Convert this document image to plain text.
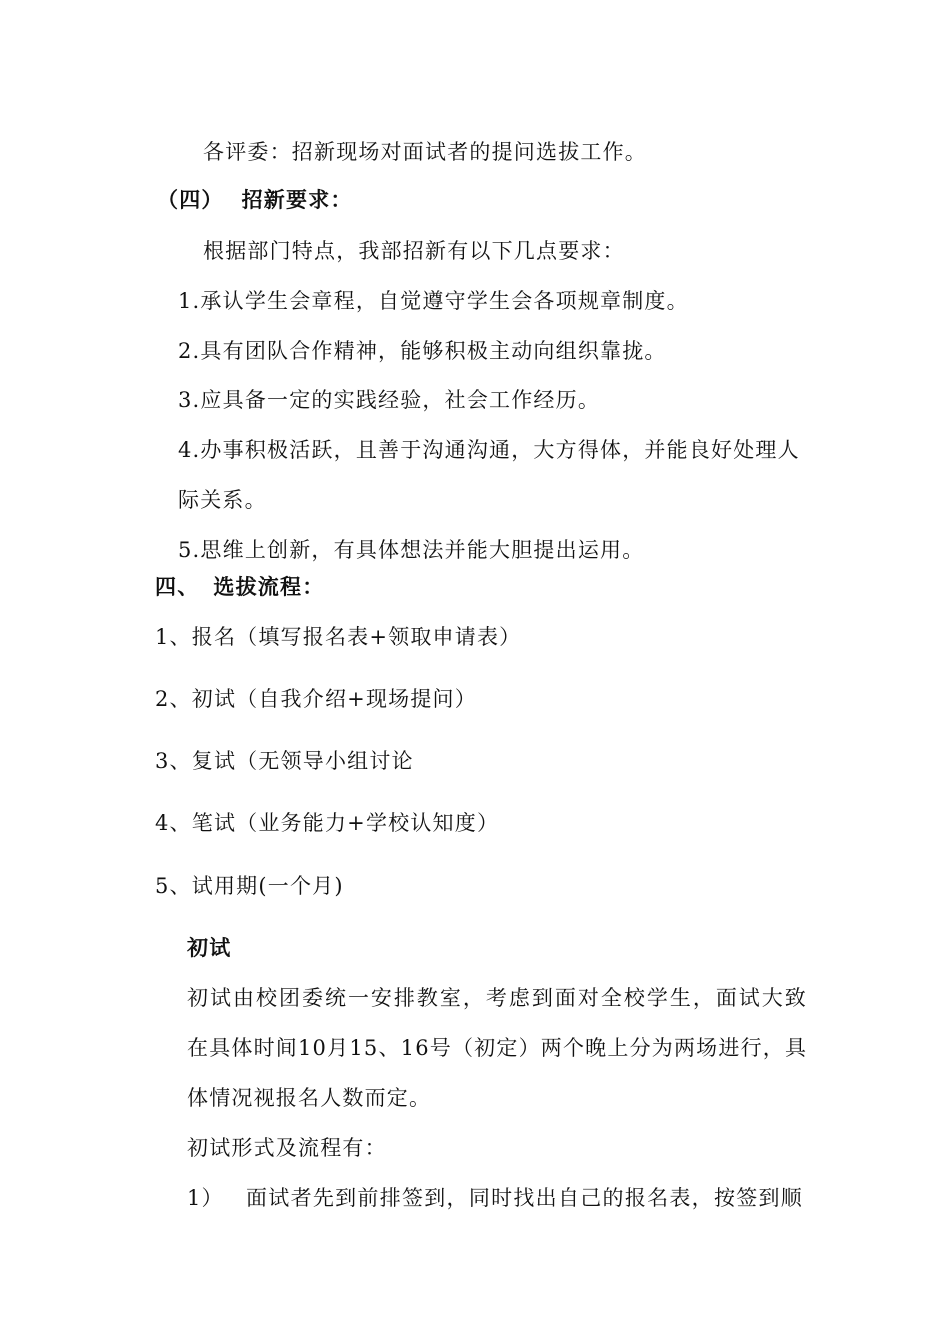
各评委：招新现场对面试者的提问选拔工作。
（四） 招新要求：
根据部门特点，我部招新有以下几点要求：
1.承认学生会章程，自觉遵守学生会各项规章制度。
2.具有团队合作精神，能够积极主动向组织靠拢。
3.应具备一定的实践经验，社会工作经历。
4.办事积极活跃，且善于沟通沟通，大方得体，并能良好处理人
际关系。
5.思维上创新，有具体想法并能大胆提出运用。
四、 选拔流程：
1、报名（填写报名表+领取申请表）
2、初试（自我介绍+现场提问）
3、复试（无领导小组讨论
4、笔试（业务能力+学校认知度）
5、试用期(一个月)
初试
初试由校团委统一安排教室，考虑到面对全校学生，面试大致
在具体时间10月15、16号（初定）两个晚上分为两场进行，具
体情况视报名人数而定。
初试形式及流程有：
1） 面试者先到前排签到，同时找出自己的报名表，按签到顺
